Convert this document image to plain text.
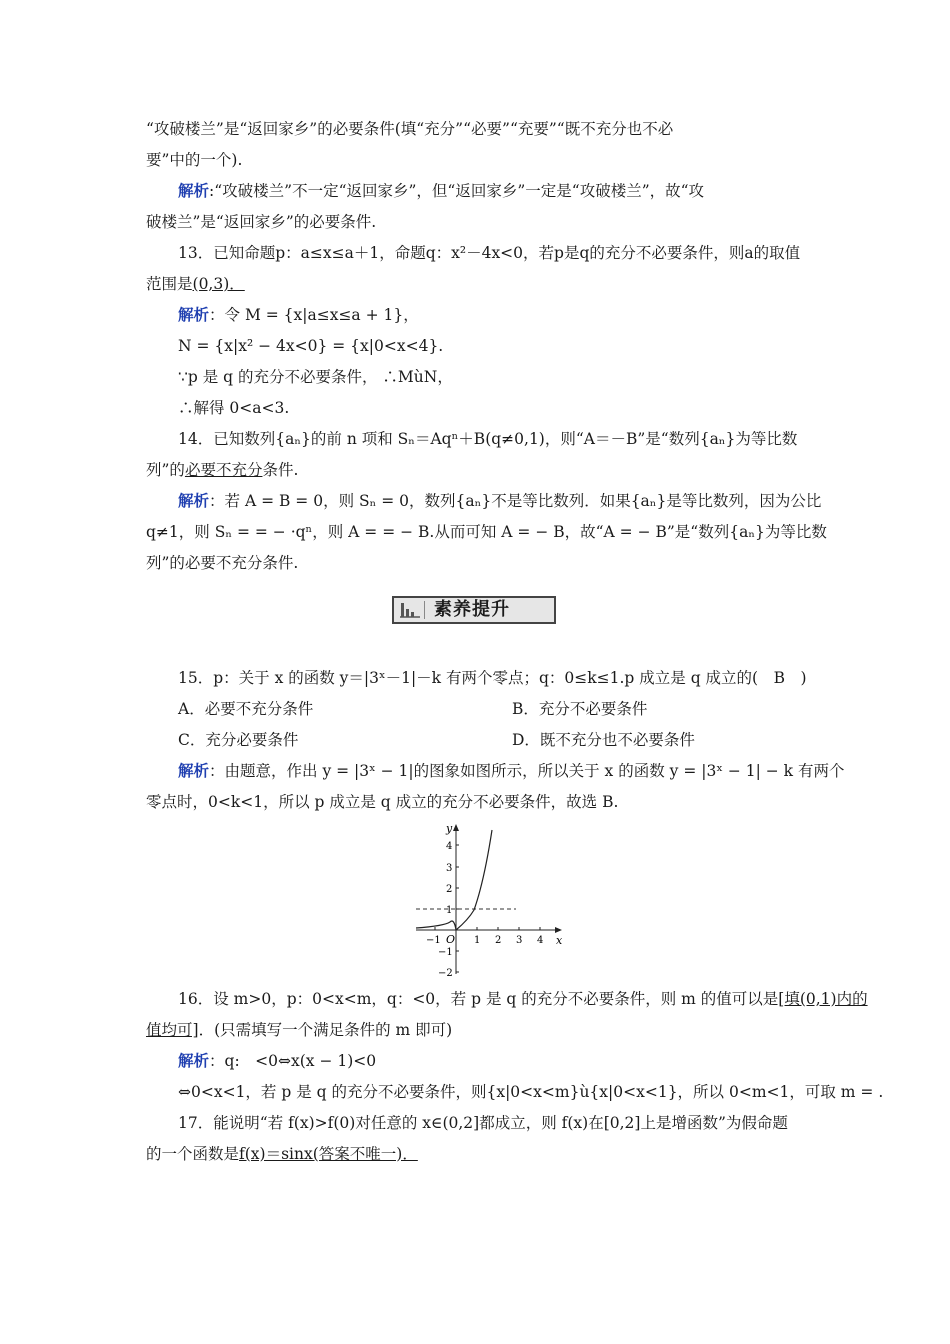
“攻破楼兰”是“返回家乡”的必要条件(填“充分”“必要”“充要”“既不充分也不必
要”中的一个).
解析:“攻破楼兰”不一定“返回家乡”，但“返回家乡”一定是“攻破楼兰”，故“攻
破楼兰”是“返回家乡”的必要条件.
13．已知命题p：a≤x≤a＋1，命题q：x²－4x<0，若p是q的充分不必要条件，则a的取值
范围是(0,3)．
解析：令 M = {x|a≤x≤a + 1}，
N = {x|x² − 4x<0} = {x|0<x<4}.
∵p 是 q 的充分不必要条件， ∴MùN，
∴解得 0<a<3.
14．已知数列{aₙ}的前 n 项和 Sₙ＝Aqⁿ＋B(q≠0,1)，则“A＝－B”是“数列{aₙ}为等比数
列”的必要不充分条件.
解析：若 A = B = 0，则 Sₙ = 0，数列{aₙ}不是等比数列．如果{aₙ}是等比数列，因为公比
q≠1，则 Sₙ = = − ·qⁿ，则 A = = − B.从而可知 A = − B，故“A = − B”是“数列{aₙ}为等比数
列”的必要不充分条件.
素养提升
15．p：关于 x 的函数 y＝|3ˣ－1|－k 有两个零点；q：0≤k≤1.p 成立是 q 成立的(　B　)
A．必要不充分条件	B．充分不必要条件
C．充分必要条件	D．既不充分也不必要条件
解析：由题意，作出 y = |3ˣ − 1|的图象如图所示，所以关于 x 的函数 y = |3ˣ − 1| − k 有两个
零点时，0<k<1，所以 p 成立是 q 成立的充分不必要条件，故选 B.
y
x
O
−1	1 2 3 4
4
3
2
1
−1
−2
16．设 m>0，p：0<x<m，q：<0，若 p 是 q 的充分不必要条件，则 m 的值可以是[填(0,1)内的
值均可]．(只需填写一个满足条件的 m 即可)
解析：q:　<0⇔x(x − 1)<0
⇔0<x<1，若 p 是 q 的充分不必要条件，则{x|0<x<m}ù{x|0<x<1}，所以 0<m<1，可取 m = .
17．能说明“若 f(x)>f(0)对任意的 x∈(0,2]都成立，则 f(x)在[0,2]上是增函数”为假命题
的一个函数是f(x)＝sinx(答案不唯一)．
